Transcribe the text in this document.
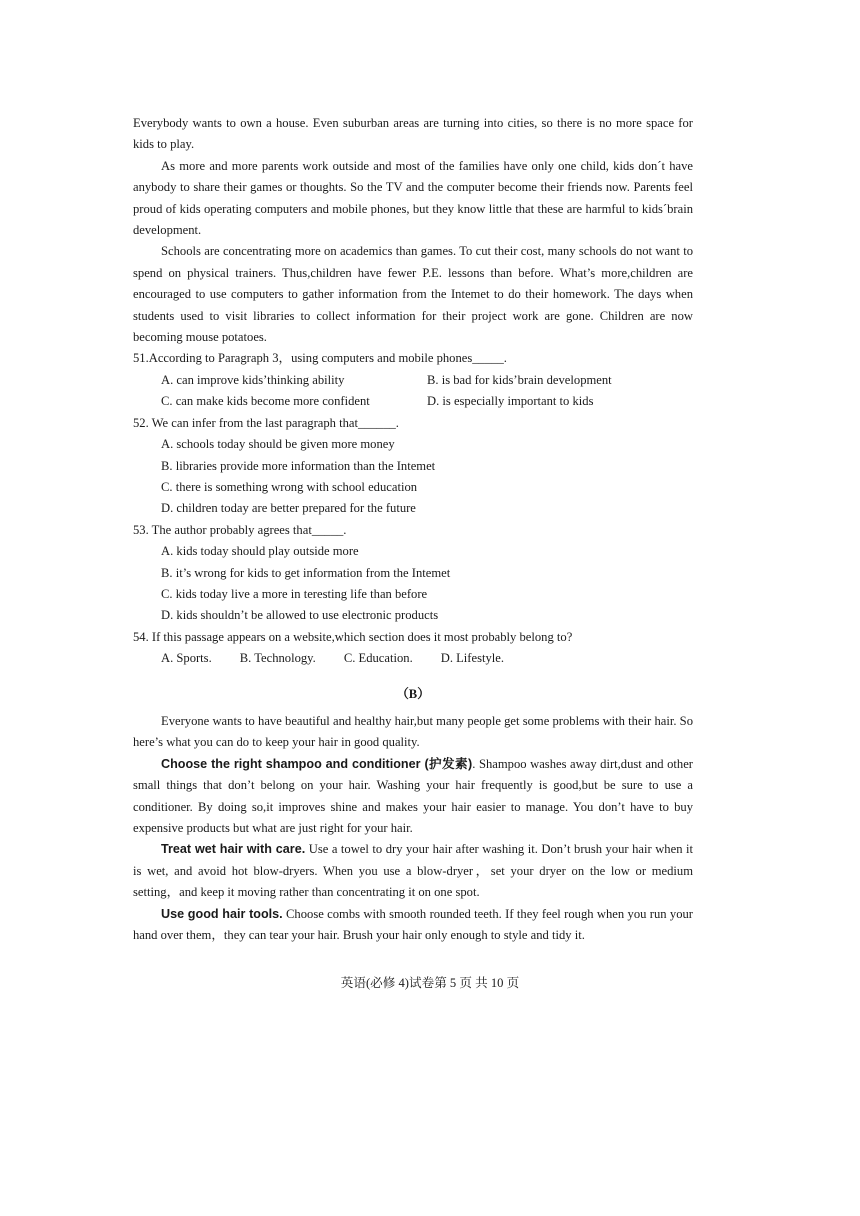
Everybody wants to own a house. Even suburban areas are turning into cities, so there is no more space for kids to play.

As more and more parents work outside and most of the families have only one child, kids don´t have anybody to share their games or thoughts. So the TV and the computer become their friends now. Parents feel proud of kids operating computers and mobile phones, but they know little that these are harmful to kids´brain development.

Schools are concentrating more on academics than games. To cut their cost, many schools do not want to spend on physical trainers. Thus,children have fewer P.E. lessons than before. What’s more,children are encouraged to use computers to gather information from the Intemet to do their homework. The days when students used to visit libraries to collect information for their project work are gone. Children are now becoming mouse potatoes.

51.According to Paragraph 3，using computers and mobile phones_____.

A. can improve kids’thinking ability	B. is bad for kids’brain development
C. can make kids become more confident	D. is especially important to kids

52. We can infer from the last paragraph that______.

A. schools today should be given more money

B. libraries provide more information than the Intemet

C. there is something wrong with school education

D. children today are better prepared for the future

53. The author probably agrees that_____.

A. kids today should play outside more

B. it’s wrong for kids to get information from the Intemet

C. kids today live a more in teresting life than before

D. kids shouldn’t be allowed to use electronic products

54. If this passage appears on a website,which section does it most probably belong to?

A. Sports. B. Technology. C. Education. D. Lifestyle.

（B）

Everyone wants to have beautiful and healthy hair,but many people get some problems with their hair. So here’s what you can do to keep your hair in good quality.

Choose the right shampoo and conditioner (护发素). Shampoo washes away dirt,dust and other small things that don’t belong on your hair. Washing your hair frequently is good,but be sure to use a conditioner. By doing so,it improves shine and makes your hair easier to manage. You don’t have to buy expensive products but what are just right for your hair.

Treat wet hair with care. Use a towel to dry your hair after washing it. Don’t brush your hair when it is wet, and avoid hot blow-dryers. When you use a blow-dryer，set your dryer on the low or medium setting，and keep it moving rather than concentrating it on one spot.

Use good hair tools. Choose combs with smooth rounded teeth. If they feel rough when you run your hand over them，they can tear your hair. Brush your hair only enough to style and tidy it.

英语(必修 4)试卷第 5 页 共 10 页
